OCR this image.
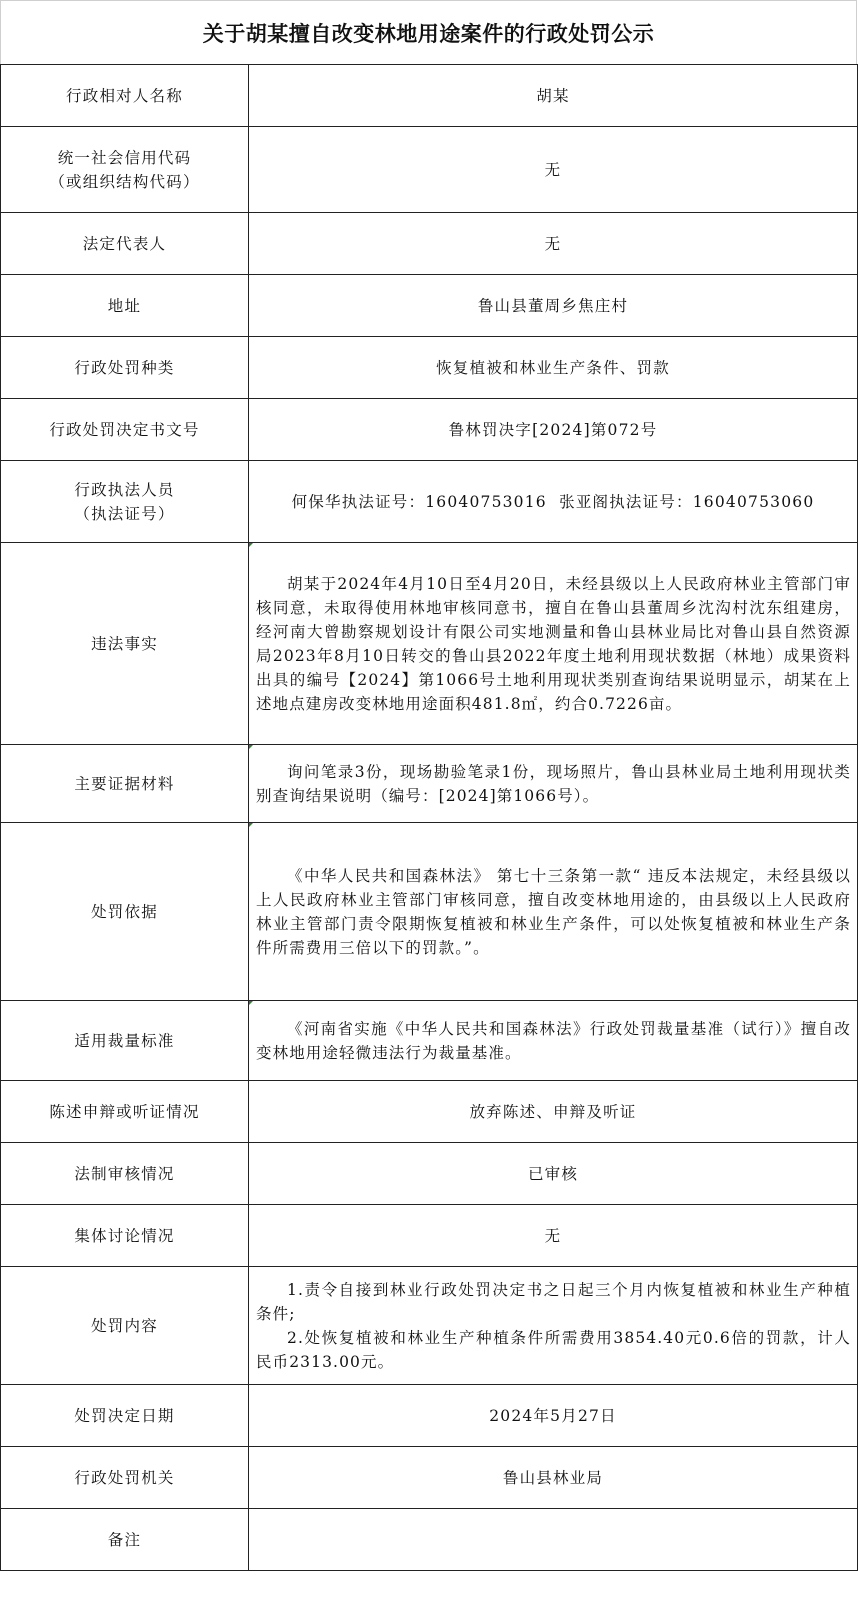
关于胡某擅自改变林地用途案件的行政处罚公示
行政相对人名称	胡某

统一社会信用代码
（或组织结构代码）	无
法定代表人	无
地址	鲁山县董周乡焦庄村
行政处罚种类	恢复植被和林业生产条件、罚款
行政处罚决定书文号	鲁林罚决字[2024]第072号

行政执法人员
（执法证号）	何保华执法证号：16040753016  张亚阁执法证号：16040753060
违法事实	胡某于2024年4月10日至4月20日，未经县级以上人民政府林业主管部门审核同意，未取得使用林地审核同意书，擅自在鲁山县董周乡沈沟村沈东组建房，经河南大曾勘察规划设计有限公司实地测量和鲁山县林业局比对鲁山县自然资源局2023年8月10日转交的鲁山县2022年度土地利用现状数据（林地）成果资料出具的编号【2024】第1066号土地利用现状类别查询结果说明显示，胡某在上述地点建房改变林地用途面积481.8㎡，约合0.7226亩。

主要证据材料	询问笔录3份，现场勘验笔录1份，现场照片，鲁山县林业局土地利用现状类别查询结果说明（编号：[2024]第1066号）。

处罚依据	《中华人民共和国森林法》 第七十三条第一款“ 违反本法规定，未经县级以上人民政府林业主管部门审核同意，擅自改变林地用途的，由县级以上人民政府林业主管部门责令限期恢复植被和林业生产条件，可以处恢复植被和林业生产条件所需费用三倍以下的罚款。”。

适用裁量标准	《河南省实施《中华人民共和国森林法》行政处罚裁量基准（试行）》擅自改变林地用途轻微违法行为裁量基准。

陈述申辩或听证情况	放弃陈述、申辩及听证
法制审核情况	已审核
集体讨论情况	无
处罚内容	1.责令自接到林业行政处罚决定书之日起三个月内恢复植被和林业生产种植条件;
2.处恢复植被和林业生产种植条件所需费用3854.40元0.6倍的罚款，计人民币2313.00元。

处罚决定日期	2024年5月27日
行政处罚机关	鲁山县林业局
备注	
